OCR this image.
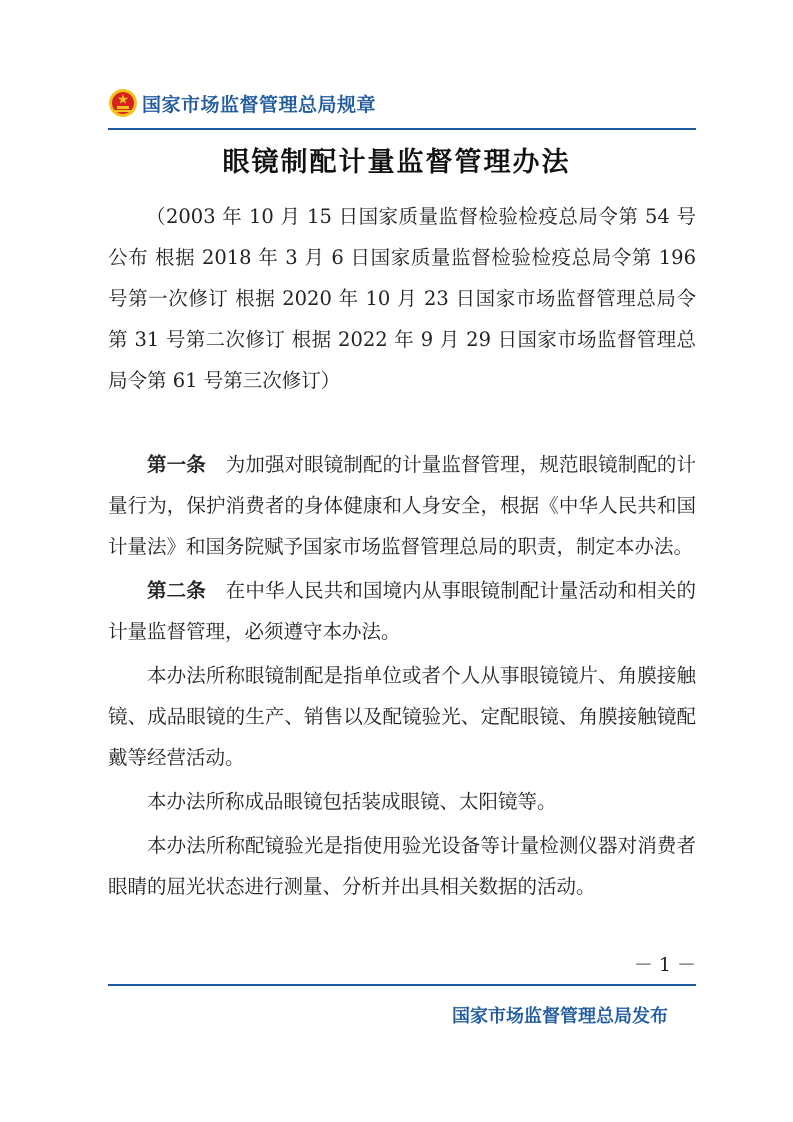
国家市场监督管理总局规章
眼镜制配计量监督管理办法
（2003 年 10 月 15 日国家质量监督检验检疫总局令第 54 号公布 根据 2018 年 3 月 6 日国家质量监督检验检疫总局令第 196 号第一次修订 根据 2020 年 10 月 23 日国家市场监督管理总局令第 31 号第二次修订 根据 2022 年 9 月 29 日国家市场监督管理总局令第 61 号第三次修订）

第一条 为加强对眼镜制配的计量监督管理，规范眼镜制配的计量行为，保护消费者的身体健康和人身安全，根据《中华人民共和国计量法》和国务院赋予国家市场监督管理总局的职责，制定本办法。

第二条 在中华人民共和国境内从事眼镜制配计量活动和相关的计量监督管理，必须遵守本办法。

本办法所称眼镜制配是指单位或者个人从事眼镜镜片、角膜接触镜、成品眼镜的生产、销售以及配镜验光、定配眼镜、角膜接触镜配戴等经营活动。

本办法所称成品眼镜包括装成眼镜、太阳镜等。

本办法所称配镜验光是指使用验光设备等计量检测仪器对消费者眼睛的屈光状态进行测量、分析并出具相关数据的活动。

－ 1 －
国家市场监督管理总局发布
